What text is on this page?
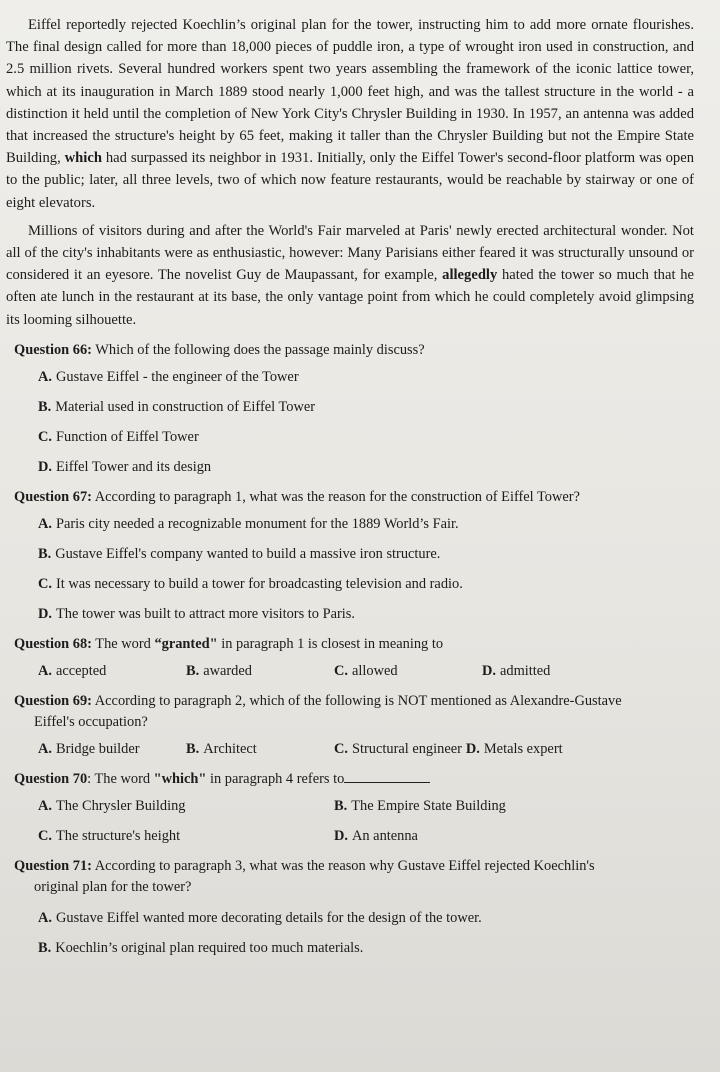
Eiffel reportedly rejected Koechlin’s original plan for the tower, instructing him to add more ornate flourishes. The final design called for more than 18,000 pieces of puddle iron, a type of wrought iron used in construction, and 2.5 million rivets. Several hundred workers spent two years assembling the framework of the iconic lattice tower, which at its inauguration in March 1889 stood nearly 1,000 feet high, and was the tallest structure in the world - a distinction it held until the completion of New York City's Chrysler Building in 1930. In 1957, an antenna was added that increased the structure's height by 65 feet, making it taller than the Chrysler Building but not the Empire State Building, which had surpassed its neighbor in 1931. Initially, only the Eiffel Tower's second-floor platform was open to the public; later, all three levels, two of which now feature restaurants, would be reachable by stairway or one of eight elevators.

Millions of visitors during and after the World's Fair marveled at Paris' newly erected architectural wonder. Not all of the city's inhabitants were as enthusiastic, however: Many Parisians either feared it was structurally unsound or considered it an eyesore. The novelist Guy de Maupassant, for example, allegedly hated the tower so much that he often ate lunch in the restaurant at its base, the only vantage point from which he could completely avoid glimpsing its looming silhouette.

Question 66: Which of the following does the passage mainly discuss?

A. Gustave Eiffel - the engineer of the Tower
B. Material used in construction of Eiffel Tower
C. Function of Eiffel Tower
D. Eiffel Tower and its design

Question 67: According to paragraph 1, what was the reason for the construction of Eiffel Tower?

A. Paris city needed a recognizable monument for the 1889 World’s Fair.
B. Gustave Eiffel's company wanted to build a massive iron structure.
C. It was necessary to build a tower for broadcasting television and radio.
D. The tower was built to attract more visitors to Paris.

Question 68: The word “granted" in paragraph 1 is closest in meaning to

A. accepted	B. awarded	C. allowed	D. admitted

Question 69: According to paragraph 2, which of the following is NOT mentioned as Alexandre-Gustave
Eiffel's occupation?

A. Bridge builder	B. Architect	C. Structural engineer D. Metals expert

Question 70: The word "which" in paragraph 4 refers to

A. The Chrysler Building	B. The Empire State Building
C. The structure's height	D. An antenna

Question 71: According to paragraph 3, what was the reason why Gustave Eiffel rejected Koechlin's
original plan for the tower?

A. Gustave Eiffel wanted more decorating details for the design of the tower.
B. Koechlin’s original plan required too much materials.
